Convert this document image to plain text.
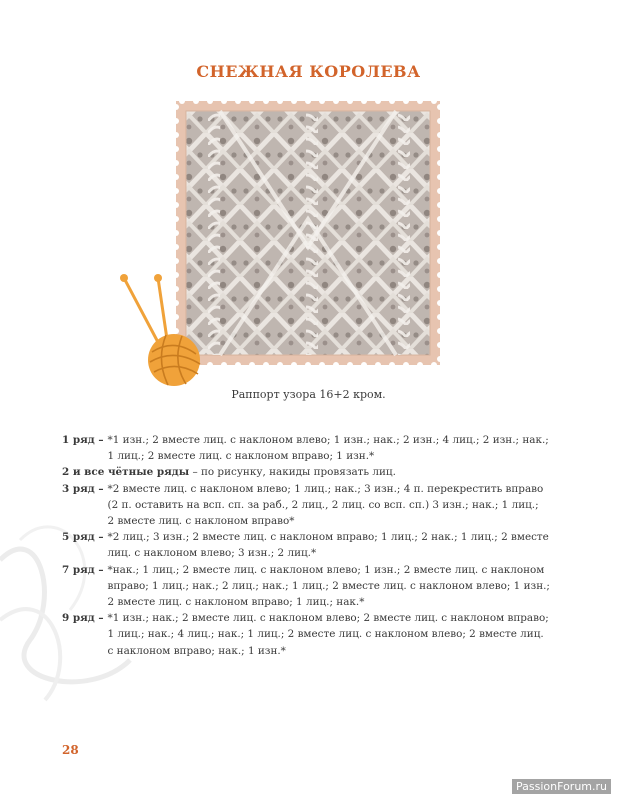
СНЕЖНАЯ КОРОЛЕВА
Раппорт узора 16+2 кром.
1 ряд – *1 изн.; 2 вместе лиц. с наклоном влево; 1 изн.; нак.; 2 изн.; 4 лиц.; 2 изн.; нак.;
1 лиц.; 2 вместе лиц. с наклоном вправо; 1 изн.*
2 и все чётные ряды – по рисунку, накиды провязать лиц.
3 ряд – *2 вместе лиц. с наклоном влево; 1 лиц.; нак.; 3 изн.; 4 п. перекрестить вправо
(2 п. оставить на всп. сп. за раб., 2 лиц., 2 лиц. со всп. сп.) 3 изн.; нак.; 1 лиц.;
2 вместе лиц. с наклоном вправо*
5 ряд – *2 лиц.; 3 изн.; 2 вместе лиц. с наклоном вправо; 1 лиц.; 2 нак.; 1 лиц.; 2 вместе
лиц. с наклоном влево; 3 изн.; 2 лиц.*
7 ряд – *нак.; 1 лиц.; 2 вместе лиц. с наклоном влево; 1 изн.; 2 вместе лиц. с наклоном
вправо; 1 лиц.; нак.; 2 лиц.; нак.; 1 лиц.; 2 вместе лиц. с наклоном влево; 1 изн.;
2 вместе лиц. с наклоном вправо; 1 лиц.; нак.*
9 ряд – *1 изн.; нак.; 2 вместе лиц. с наклоном влево; 2 вместе лиц. с наклоном вправо;
1 лиц.; нак.; 4 лиц.; нак.; 1 лиц.; 2 вместе лиц. с наклоном влево; 2 вместе лиц.
с наклоном вправо; нак.; 1 изн.*
28
PassionForum.ru
